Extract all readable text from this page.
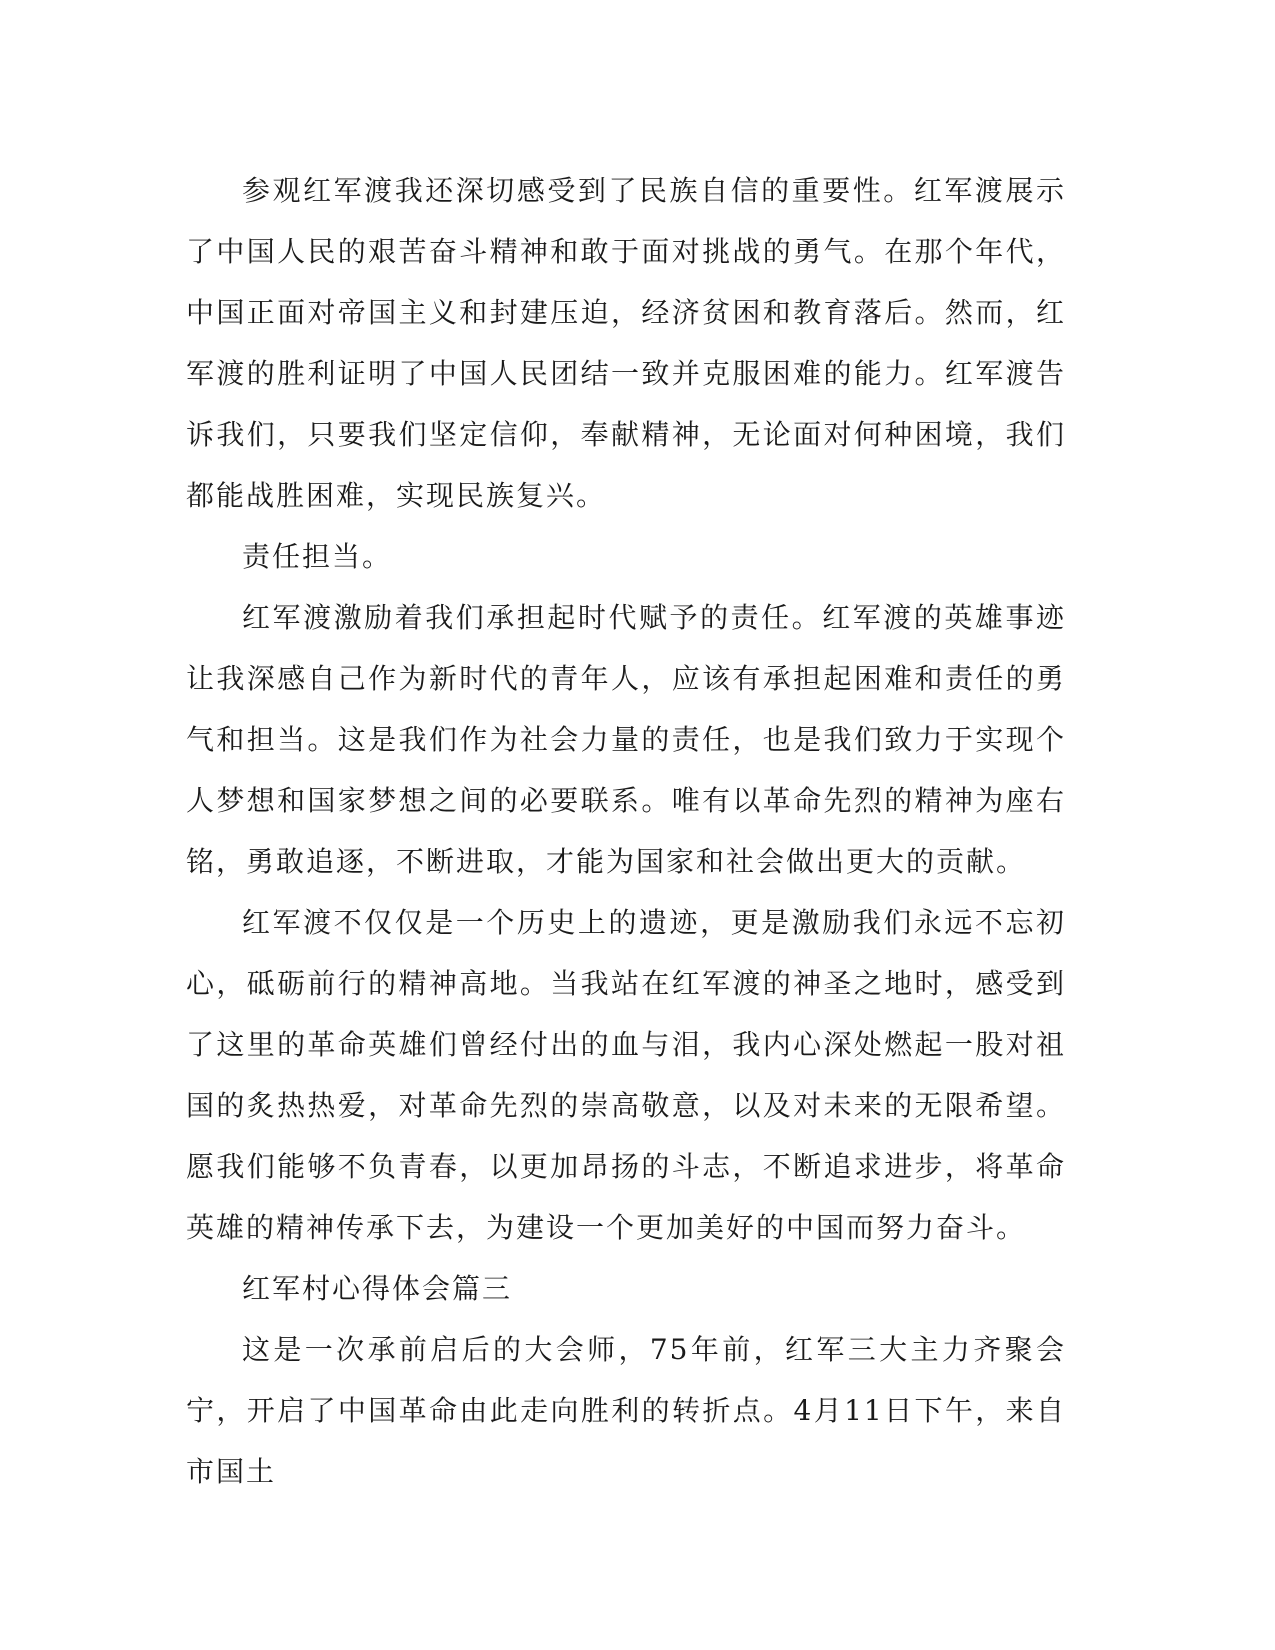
参观红军渡我还深切感受到了民族自信的重要性。红军渡展示了中国人民的艰苦奋斗精神和敢于面对挑战的勇气。在那个年代，中国正面对帝国主义和封建压迫，经济贫困和教育落后。然而，红军渡的胜利证明了中国人民团结一致并克服困难的能力。红军渡告诉我们，只要我们坚定信仰，奉献精神，无论面对何种困境，我们都能战胜困难，实现民族复兴。

责任担当。

红军渡激励着我们承担起时代赋予的责任。红军渡的英雄事迹让我深感自己作为新时代的青年人，应该有承担起困难和责任的勇气和担当。这是我们作为社会力量的责任，也是我们致力于实现个人梦想和国家梦想之间的必要联系。唯有以革命先烈的精神为座右铭，勇敢追逐，不断进取，才能为国家和社会做出更大的贡献。

红军渡不仅仅是一个历史上的遗迹，更是激励我们永远不忘初心，砥砺前行的精神高地。当我站在红军渡的神圣之地时，感受到了这里的革命英雄们曾经付出的血与泪，我内心深处燃起一股对祖国的炙热热爱，对革命先烈的崇高敬意，以及对未来的无限希望。愿我们能够不负青春，以更加昂扬的斗志，不断追求进步，将革命英雄的精神传承下去，为建设一个更加美好的中国而努力奋斗。

红军村心得体会篇三

这是一次承前启后的大会师，75年前，红军三大主力齐聚会宁，开启了中国革命由此走向胜利的转折点。4月11日下午，来自市国土
